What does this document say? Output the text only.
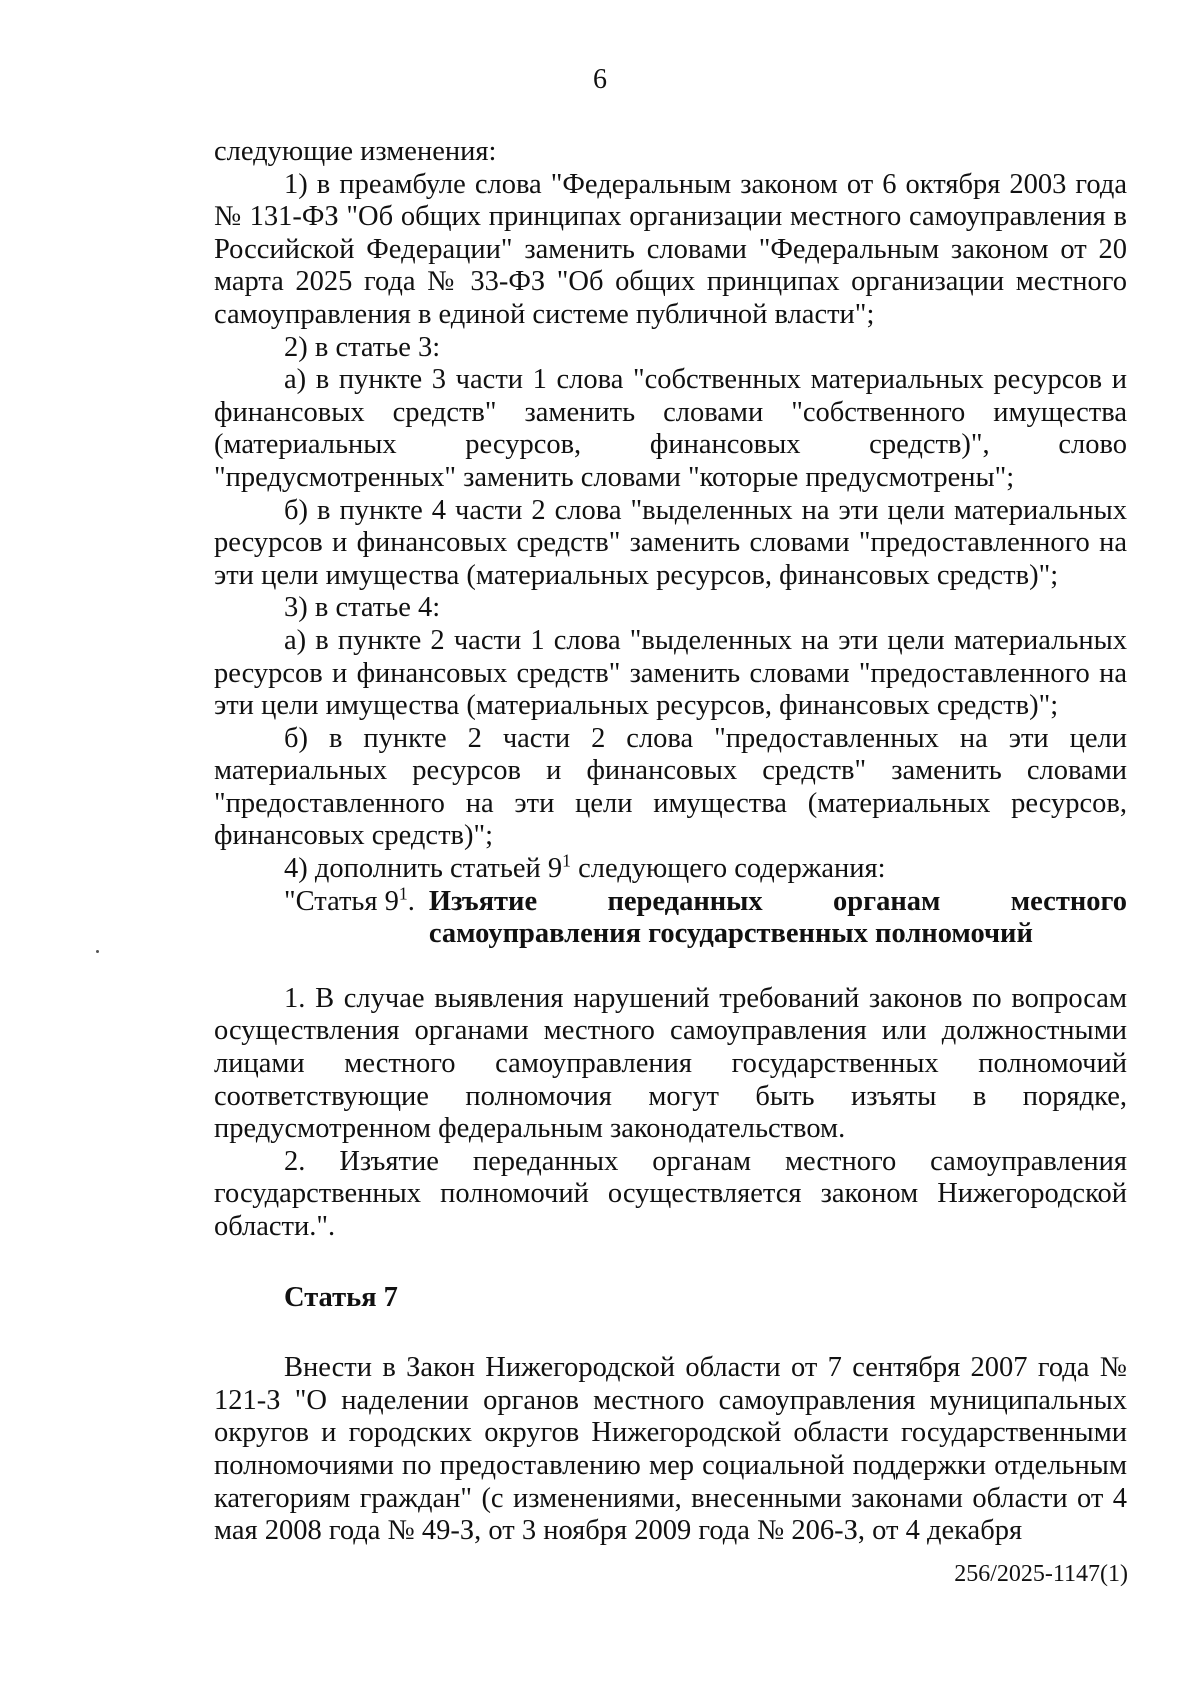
6

следующие изменения:

1) в преамбуле слова "Федеральным законом от 6 октября 2003 года № 131-ФЗ "Об общих принципах организации местного самоуправления в Российской Федерации" заменить словами "Федеральным законом от 20 марта 2025 года № 33-ФЗ "Об общих принципах организации местного самоуправления в единой системе публичной власти";

2) в статье 3:

а) в пункте 3 части 1 слова "собственных материальных ресурсов и финансовых средств" заменить словами "собственного имущества (материальных ресурсов, финансовых средств)", слово "предусмотренных" заменить словами "которые предусмотрены";

б) в пункте 4 части 2 слова "выделенных на эти цели материальных ресурсов и финансовых средств" заменить словами "предоставленного на эти цели имущества (материальных ресурсов, финансовых средств)";

3) в статье 4:

а) в пункте 2 части 1 слова "выделенных на эти цели материальных ресурсов и финансовых средств" заменить словами "предоставленного на эти цели имущества (материальных ресурсов, финансовых средств)";

б) в пункте 2 части 2 слова "предоставленных на эти цели материальных ресурсов и финансовых средств" заменить словами "предоставленного на эти цели имущества (материальных ресурсов, финансовых средств)";

4) дополнить статьей $9^1$ следующего содержания:

"Статья $9^1$. Изъятие переданных органам местного
самоуправления государственных полномочий

1. В случае выявления нарушений требований законов по вопросам осуществления органами местного самоуправления или должностными лицами местного самоуправления государственных полномочий соответствующие полномочия могут быть изъяты в порядке, предусмотренном федеральным законодательством.

2. Изъятие переданных органам местного самоуправления государственных полномочий осуществляется законом Нижегородской области.".

Статья 7

Внести в Закон Нижегородской области от 7 сентября 2007 года № 121-З "О наделении органов местного самоуправления муниципальных округов и городских округов Нижегородской области государственными полномочиями по предоставлению мер социальной поддержки отдельным категориям граждан" (с изменениями, внесенными законами области от 4 мая 2008 года № 49-З, от 3 ноября 2009 года № 206-З, от 4 декабря

256/2025-1147(1)
